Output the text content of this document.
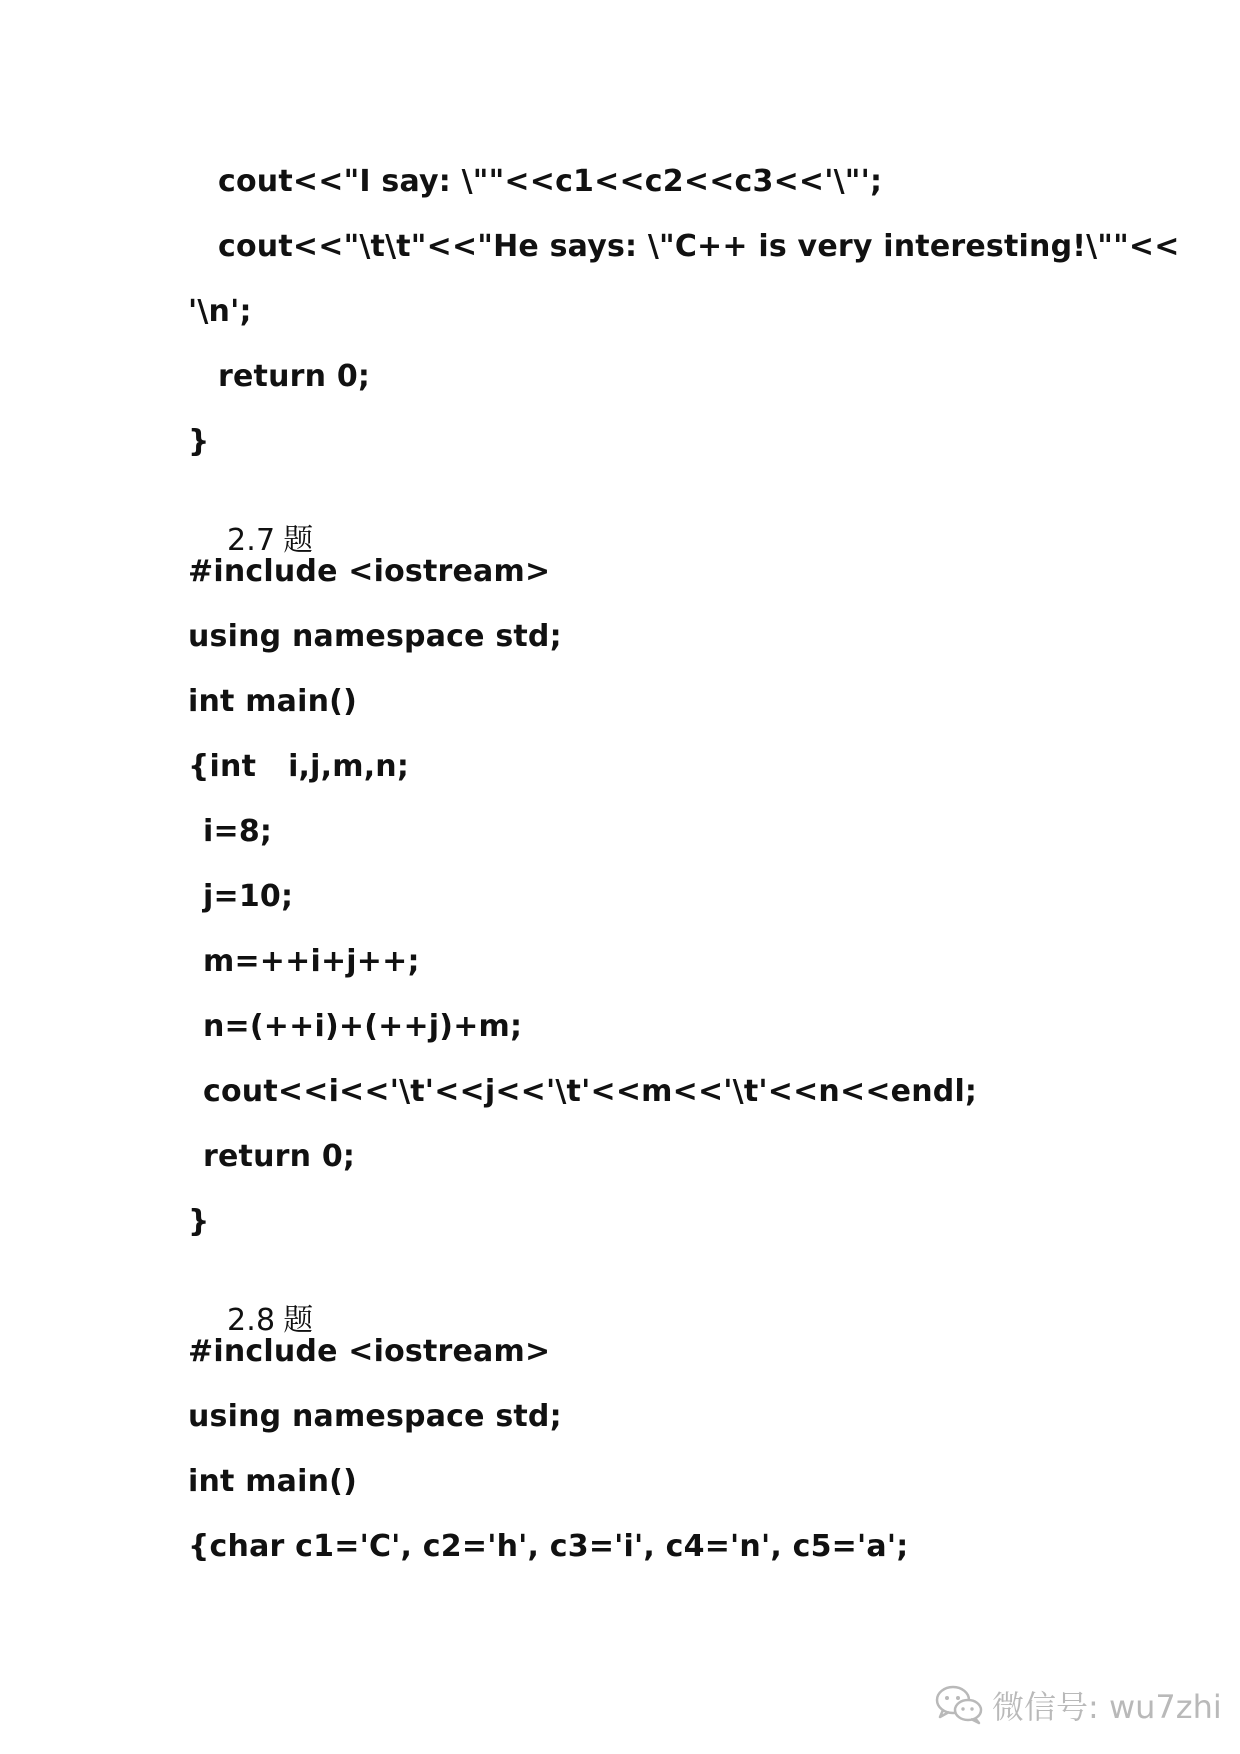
cout<<"I say: \""<<c1<<c2<<c3<<'\"';
cout<<"\t\t"<<"He says: \"C++ is very interesting!\""<<
'\n';
return 0;
}

2.7 题

#include <iostream>
using namespace std;
int main()
{int   i,j,m,n;
i=8;
j=10;
m=++i+j++;
n=(++i)+(++j)+m;
cout<<i<<'\t'<<j<<'\t'<<m<<'\t'<<n<<endl;
return 0;
}

2.8 题

#include <iostream>
using namespace std;
int main()
{char c1='C', c2='h', c3='i', c4='n', c5='a';
微信号: wu7zhi
